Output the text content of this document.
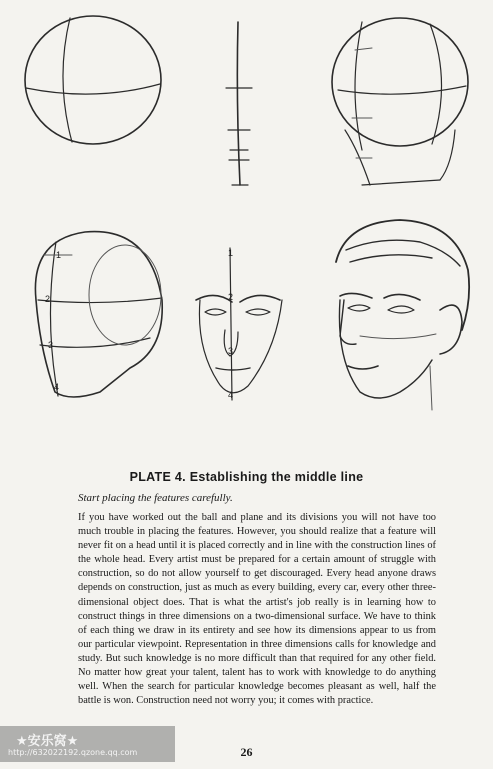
1
2
3
4
1
2
3
4
PLATE 4. Establishing the middle line
Start placing the features carefully.
If you have worked out the ball and plane and its divisions you will not have too much trouble in placing the features. However, you should realize that a feature will never fit on a head until it is placed correctly and in line with the construction lines of the whole head. Every artist must be prepared for a certain amount of struggle with construction, so do not allow yourself to get discouraged. Every head anyone draws depends on construction, just as much as every building, every car, every other three-dimensional object does. That is what the artist's job really is in learning how to construct things in three dimensions on a two-dimensional surface. We have to think of each thing we draw in its entirety and see how its dimensions appear to us from our particular viewpoint. Representation in three dimensions calls for knowledge and study. But such knowledge is no more difficult than that required for any other field. No matter how great your talent, talent has to work with knowledge to do anything well. When the search for particular knowledge becomes pleasant as well, half the battle is won. Construction need not worry you; it comes with practice.
26
★安乐窝★
http://632022192.qzone.qq.com
